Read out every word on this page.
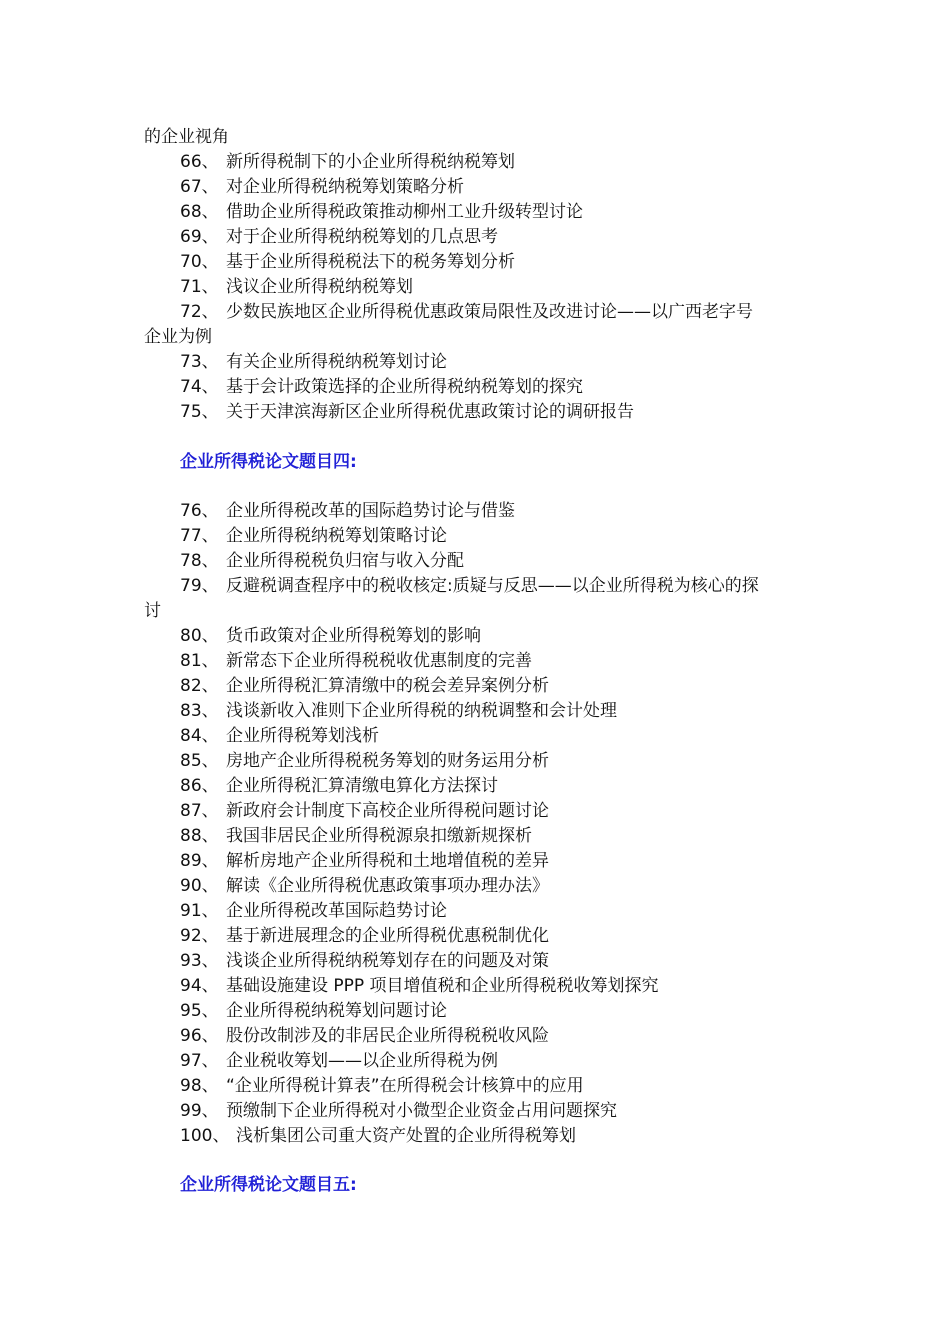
的企业视角
66、 新所得税制下的小企业所得税纳税筹划
67、 对企业所得税纳税筹划策略分析
68、 借助企业所得税政策推动柳州工业升级转型讨论
69、 对于企业所得税纳税筹划的几点思考
70、 基于企业所得税税法下的税务筹划分析
71、 浅议企业所得税纳税筹划
72、 少数民族地区企业所得税优惠政策局限性及改进讨论——以广西老字号
企业为例
73、 有关企业所得税纳税筹划讨论
74、 基于会计政策选择的企业所得税纳税筹划的探究
75、 关于天津滨海新区企业所得税优惠政策讨论的调研报告
企业所得税论文题目四:
76、 企业所得税改革的国际趋势讨论与借鉴
77、 企业所得税纳税筹划策略讨论
78、 企业所得税税负归宿与收入分配
79、 反避税调查程序中的税收核定:质疑与反思——以企业所得税为核心的探
讨
80、 货币政策对企业所得税筹划的影响
81、 新常态下企业所得税税收优惠制度的完善
82、 企业所得税汇算清缴中的税会差异案例分析
83、 浅谈新收入准则下企业所得税的纳税调整和会计处理
84、 企业所得税筹划浅析
85、 房地产企业所得税税务筹划的财务运用分析
86、 企业所得税汇算清缴电算化方法探讨
87、 新政府会计制度下高校企业所得税问题讨论
88、 我国非居民企业所得税源泉扣缴新规探析
89、 解析房地产企业所得税和土地增值税的差异
90、 解读《企业所得税优惠政策事项办理办法》
91、 企业所得税改革国际趋势讨论
92、 基于新进展理念的企业所得税优惠税制优化
93、 浅谈企业所得税纳税筹划存在的问题及对策
94、 基础设施建设 PPP 项目增值税和企业所得税税收筹划探究
95、 企业所得税纳税筹划问题讨论
96、 股份改制涉及的非居民企业所得税税收风险
97、 企业税收筹划——以企业所得税为例
98、 “企业所得税计算表”在所得税会计核算中的应用
99、 预缴制下企业所得税对小微型企业资金占用问题探究
100、 浅析集团公司重大资产处置的企业所得税筹划
企业所得税论文题目五:
